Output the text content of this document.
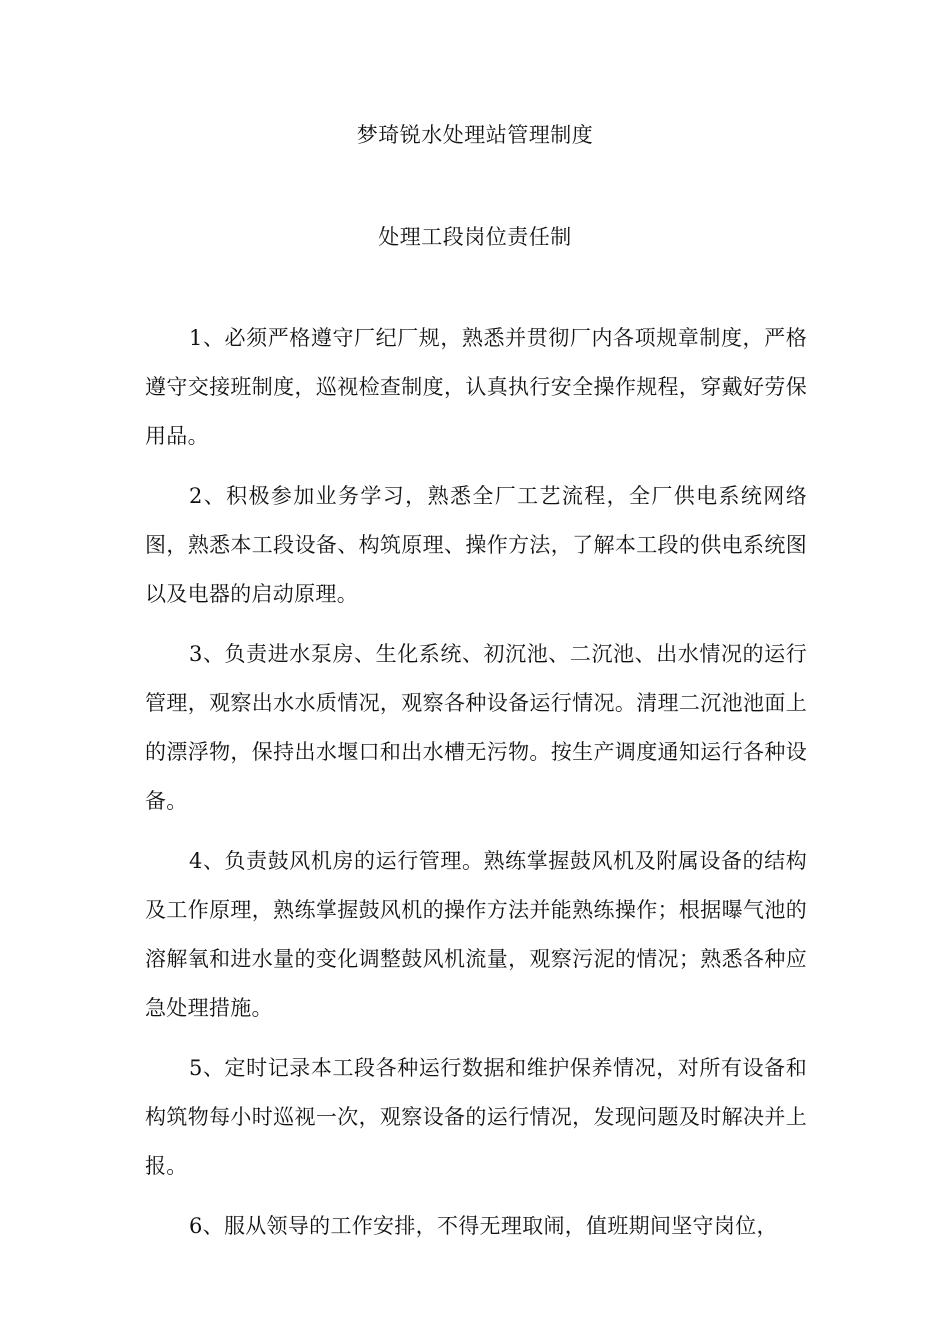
梦琦锐水处理站管理制度
处理工段岗位责任制

1、必须严格遵守厂纪厂规，熟悉并贯彻厂内各项规章制度，严格遵守交接班制度，巡视检查制度，认真执行安全操作规程，穿戴好劳保用品。

2、积极参加业务学习，熟悉全厂工艺流程，全厂供电系统网络图，熟悉本工段设备、构筑原理、操作方法，了解本工段的供电系统图以及电器的启动原理。

3、负责进水泵房、生化系统、初沉池、二沉池、出水情况的运行管理，观察出水水质情况，观察各种设备运行情况。清理二沉池池面上的漂浮物，保持出水堰口和出水槽无污物。按生产调度通知运行各种设备。

4、负责鼓风机房的运行管理。熟练掌握鼓风机及附属设备的结构及工作原理，熟练掌握鼓风机的操作方法并能熟练操作；根据曝气池的溶解氧和进水量的变化调整鼓风机流量，观察污泥的情况；熟悉各种应急处理措施。

5、定时记录本工段各种运行数据和维护保养情况，对所有设备和构筑物每小时巡视一次，观察设备的运行情况，发现问题及时解决并上报。

6、服从领导的工作安排，不得无理取闹，值班期间坚守岗位，
